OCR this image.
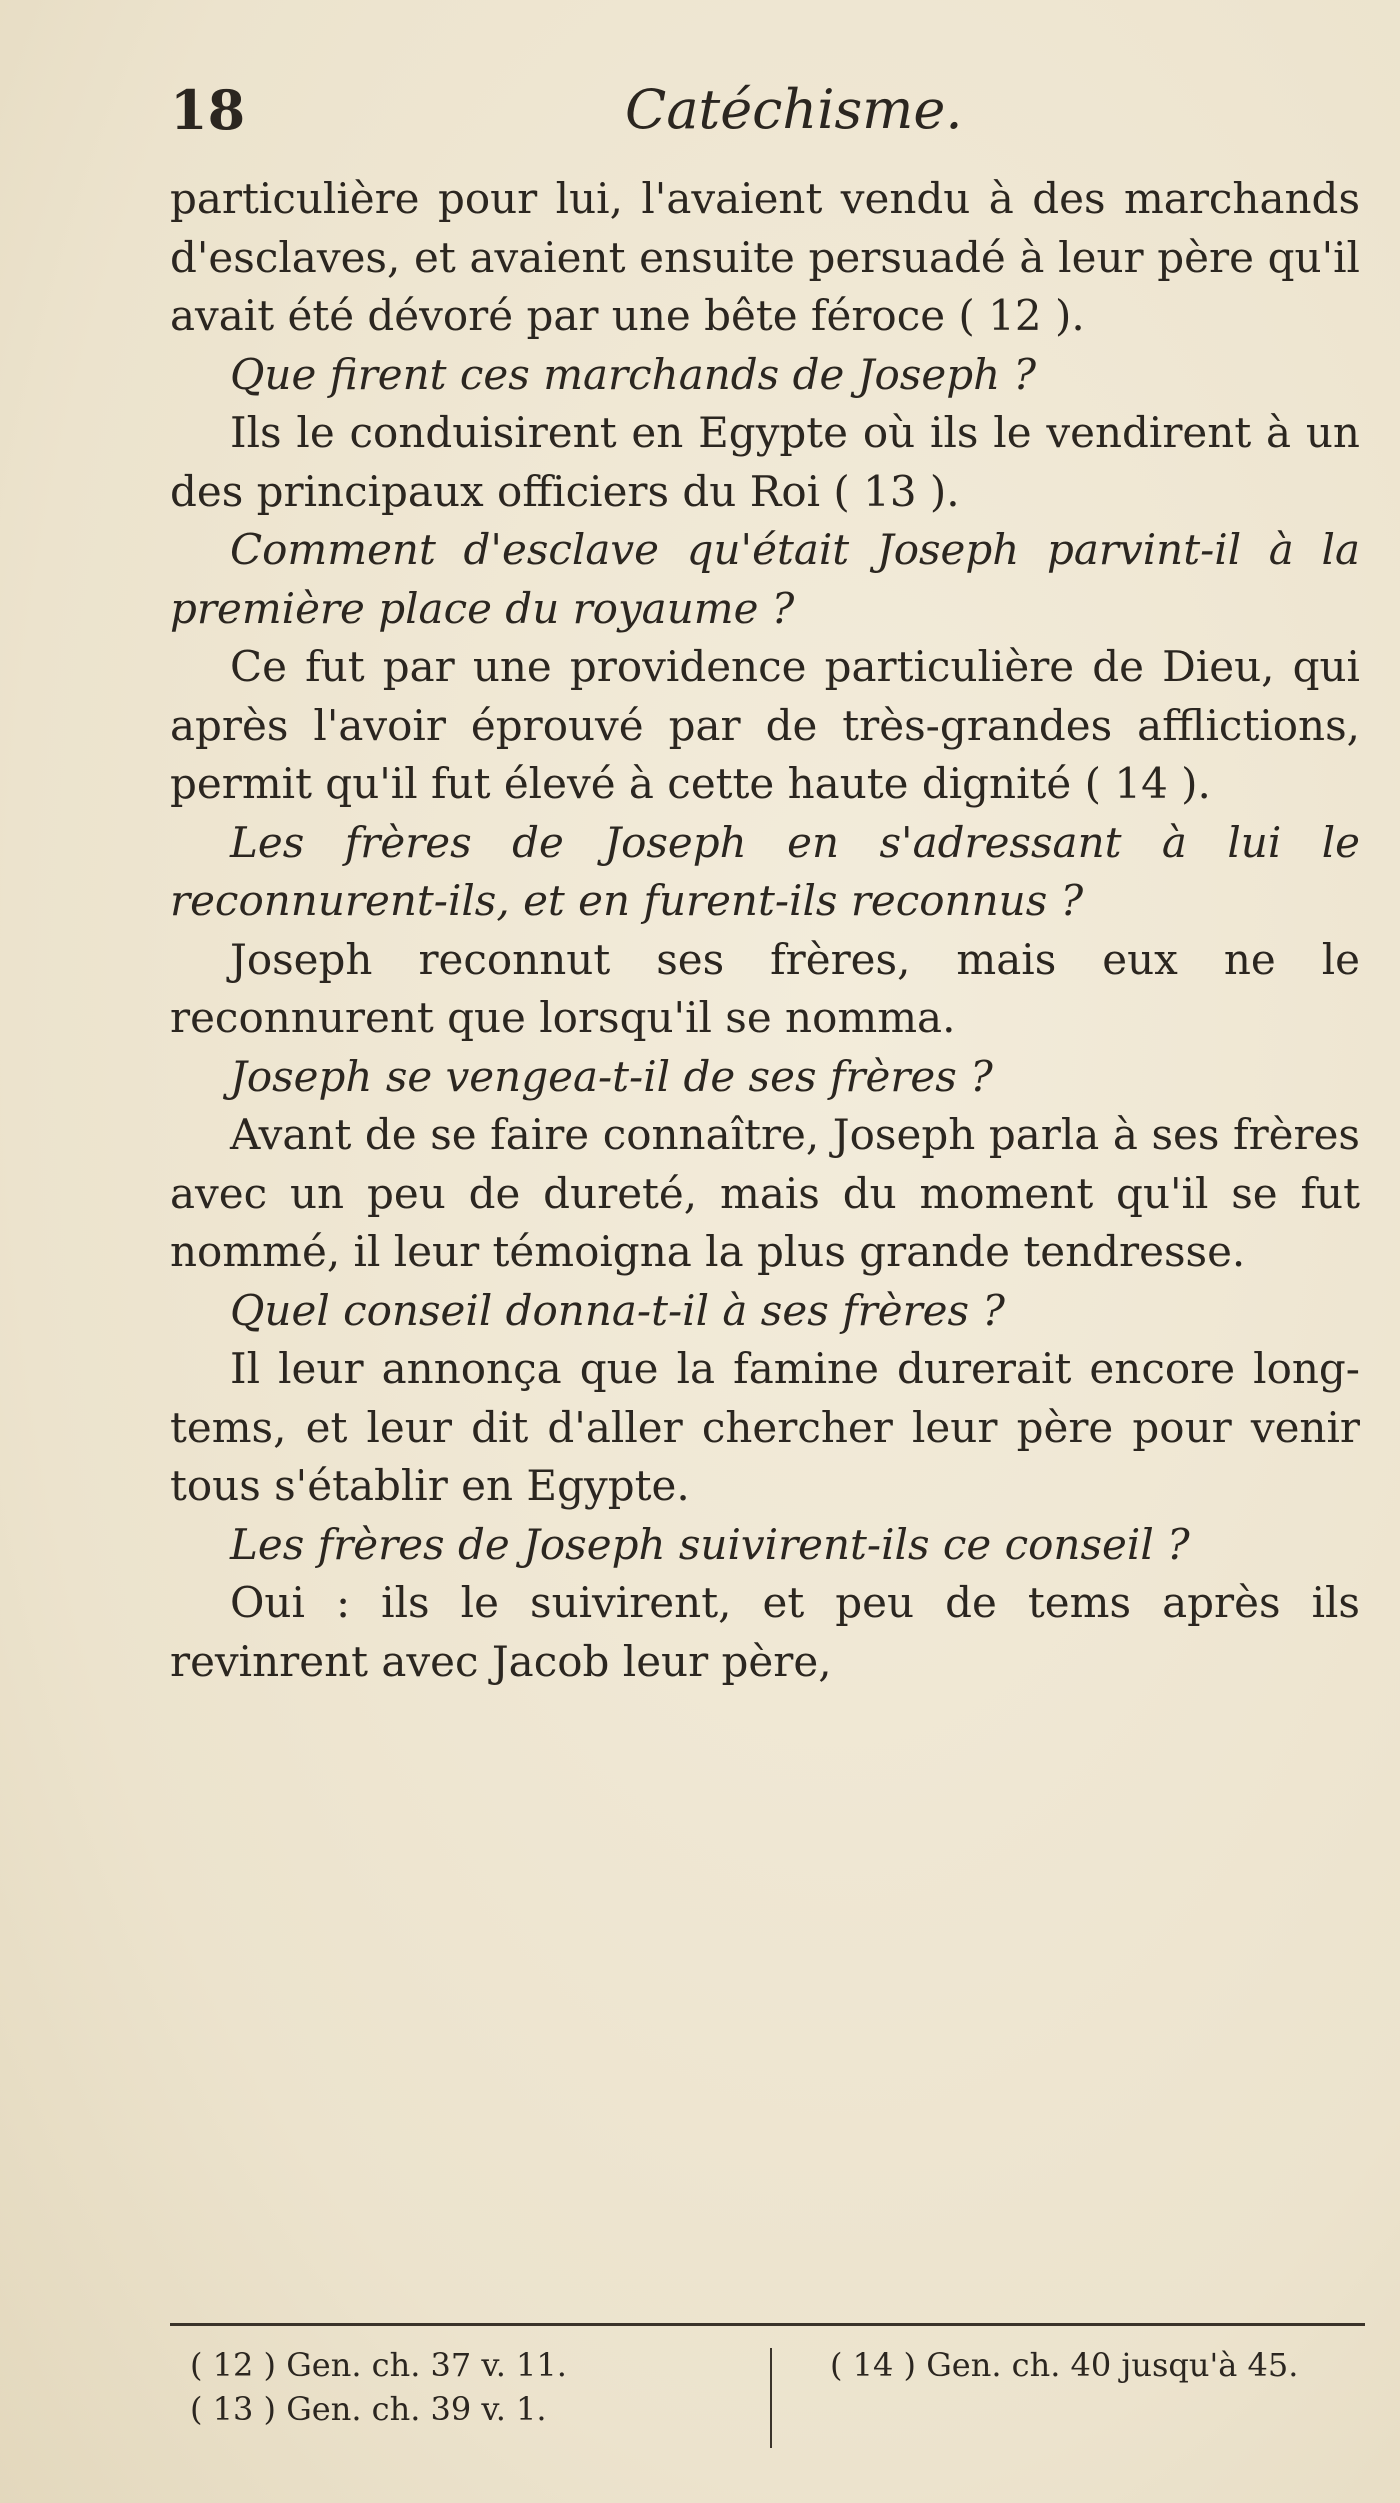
18	Catéchisme.

particulière pour lui, l'avaient vendu à des marchands d'esclaves, et avaient ensuite persuadé à leur père qu'il avait été dévoré par une bête féroce ( 12 ).

Que firent ces marchands de Joseph ?

Ils le conduisirent en Egypte où ils le vendirent à un des principaux officiers du Roi ( 13 ).

Comment d'esclave qu'était Joseph parvint-il à la première place du royaume ?

Ce fut par une providence particulière de Dieu, qui après l'avoir éprouvé par de très-grandes afflictions, permit qu'il fut élevé à cette haute dignité ( 14 ).

Les frères de Joseph en s'adressant à lui le reconnurent-ils, et en furent-ils reconnus ?

Joseph reconnut ses frères, mais eux ne le reconnurent que lorsqu'il se nomma.

Joseph se vengea-t-il de ses frères ?

Avant de se faire connaître, Joseph parla à ses frères avec un peu de dureté, mais du moment qu'il se fut nommé, il leur témoigna la plus grande tendresse.

Quel conseil donna-t-il à ses frères ?

Il leur annonça que la famine durerait encore long-tems, et leur dit d'aller chercher leur père pour venir tous s'établir en Egypte.

Les frères de Joseph suivirent-ils ce conseil ?

Oui : ils le suivirent, et peu de tems après ils revinrent avec Jacob leur père,

( 12 ) Gen. ch. 37 v. 11.
( 13 ) Gen. ch. 39 v. 1.
( 14 ) Gen. ch. 40 jusqu'à 45.
